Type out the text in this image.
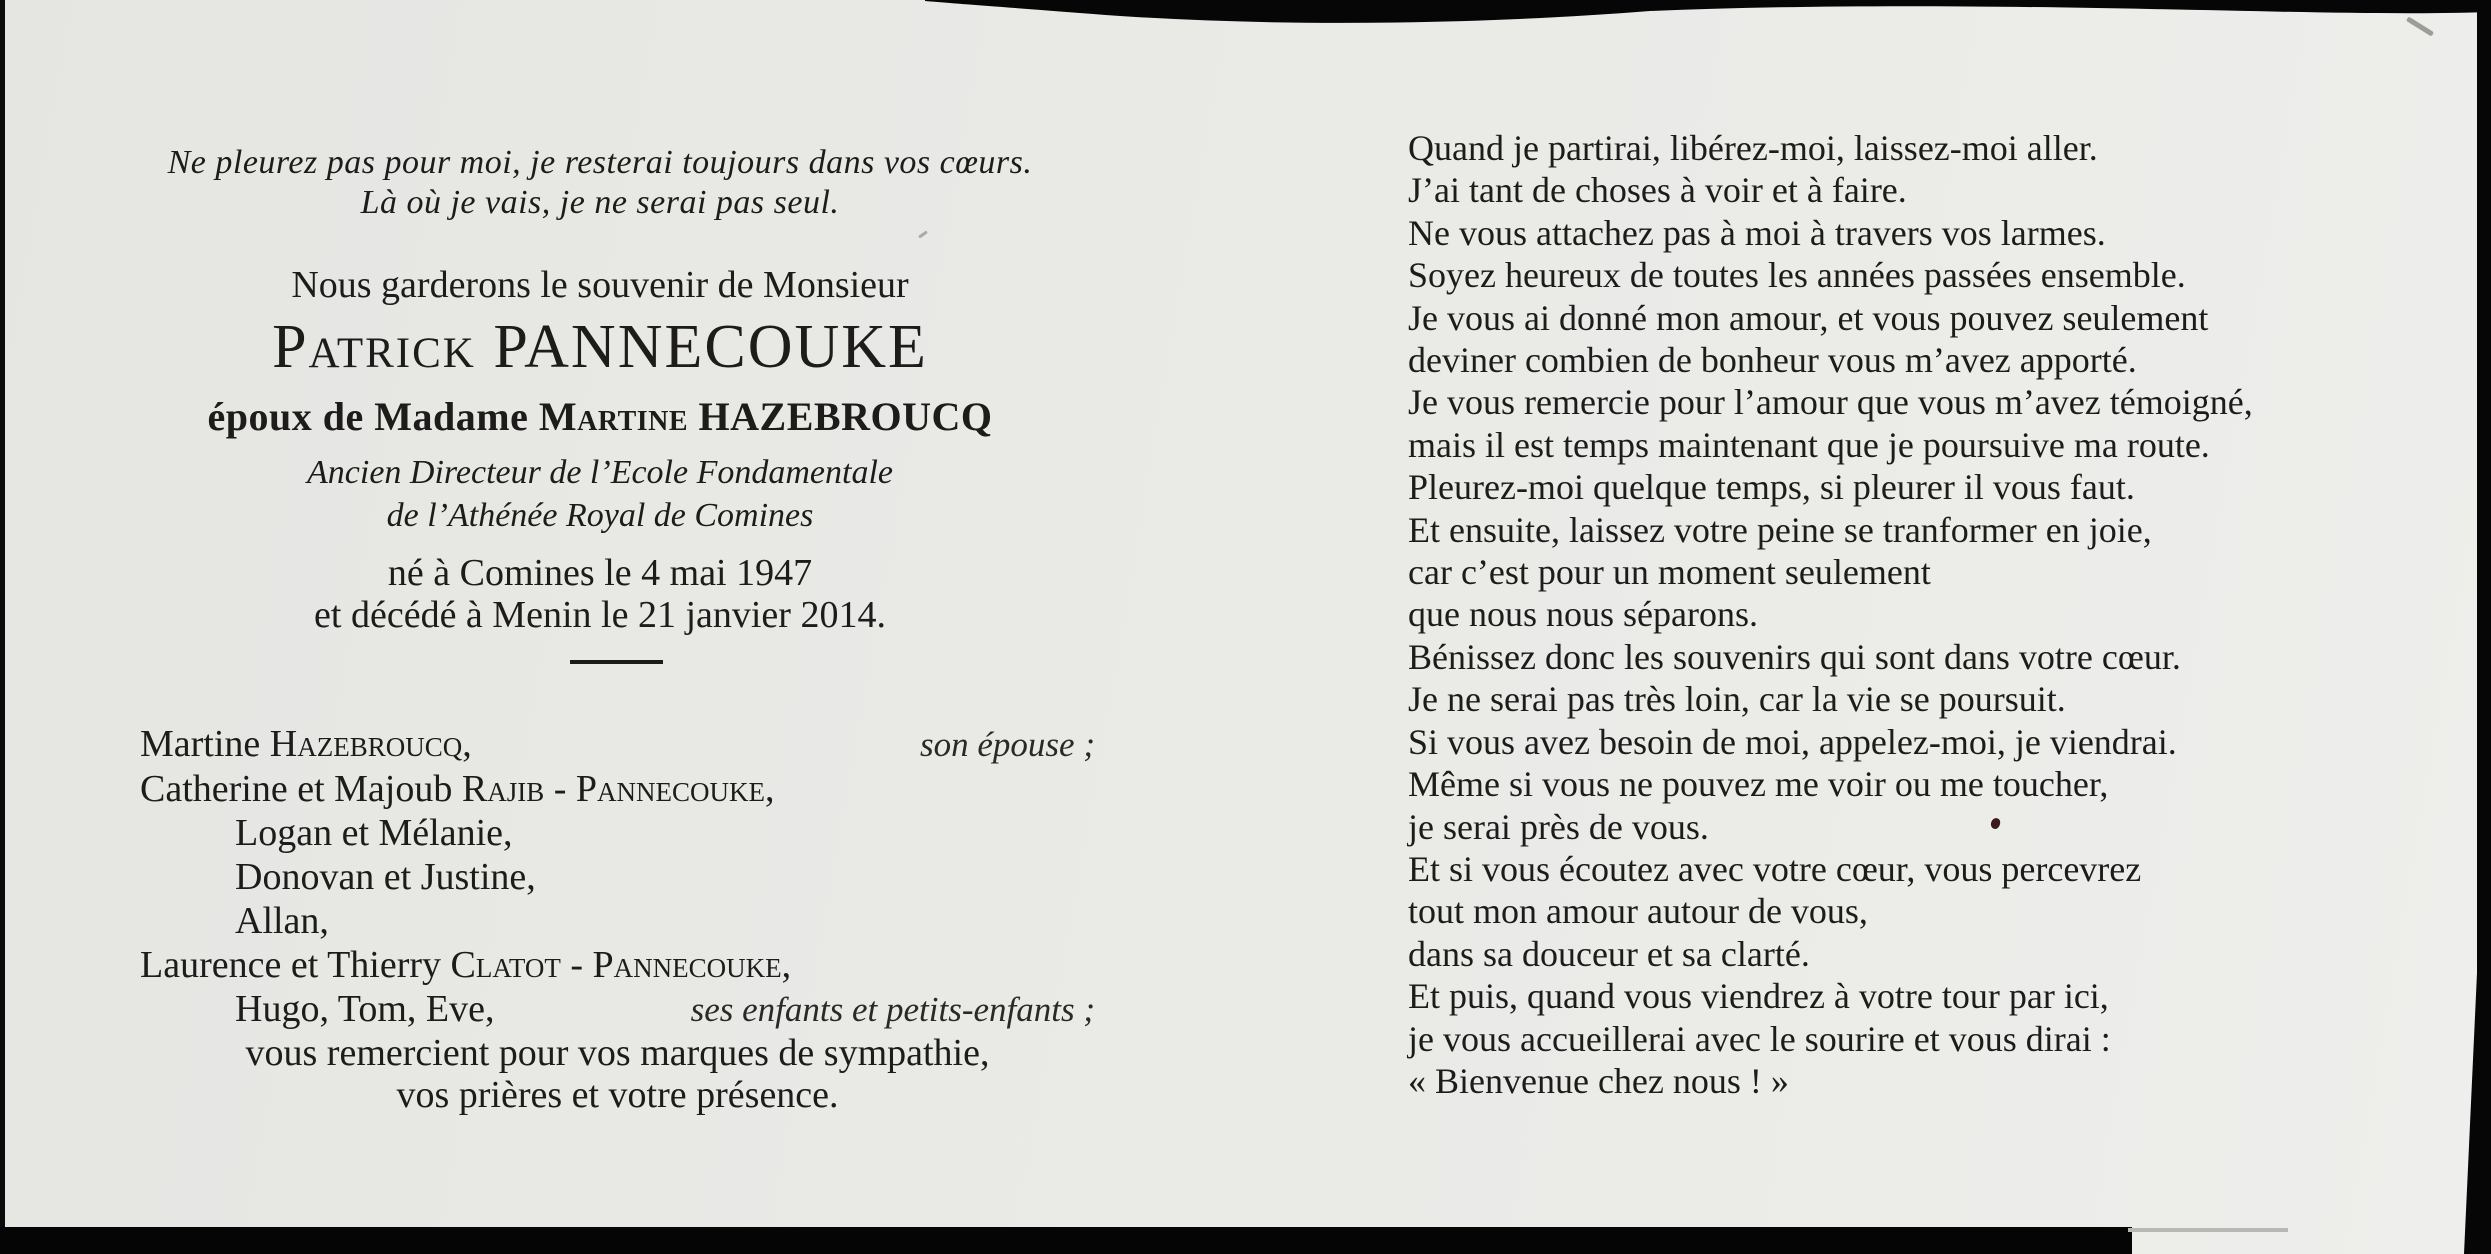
Ne pleurez pas pour moi, je resterai toujours dans vos cœurs.
Là où je vais, je ne serai pas seul.
Nous garderons le souvenir de Monsieur
Patrick PANNECOUKE
époux de Madame Martine HAZEBROUCQ
Ancien Directeur de l’Ecole Fondamentale
de l’Athénée Royal de Comines
né à Comines le 4 mai 1947
et décédé à Menin le 21 janvier 2014.
Martine Hazebroucq,	son épouse ;
Catherine et Majoub Rajib - Pannecouke,
Logan et Mélanie,
Donovan et Justine,
Allan,
Laurence et Thierry Clatot - Pannecouke,
Hugo, Tom, Eve,	ses enfants et petits-enfants ;
vous remercient pour vos marques de sympathie,
vos prières et votre présence.
Quand je partirai, libérez-moi, laissez-moi aller.
J’ai tant de choses à voir et à faire.
Ne vous attachez pas à moi à travers vos larmes.
Soyez heureux de toutes les années passées ensemble.
Je vous ai donné mon amour, et vous pouvez seulement
deviner combien de bonheur vous m’avez apporté.
Je vous remercie pour l’amour que vous m’avez témoigné,
mais il est temps maintenant que je poursuive ma route.
Pleurez-moi quelque temps, si pleurer il vous faut.
Et ensuite, laissez votre peine se tranformer en joie,
car c’est pour un moment seulement
que nous nous séparons.
Bénissez donc les souvenirs qui sont dans votre cœur.
Je ne serai pas très loin, car la vie se poursuit.
Si vous avez besoin de moi, appelez-moi, je viendrai.
Même si vous ne pouvez me voir ou me toucher,
je serai près de vous.
Et si vous écoutez avec votre cœur, vous percevrez
tout mon amour autour de vous,
dans sa douceur et sa clarté.
Et puis, quand vous viendrez à votre tour par ici,
je vous accueillerai avec le sourire et vous dirai :
« Bienvenue chez nous ! »
